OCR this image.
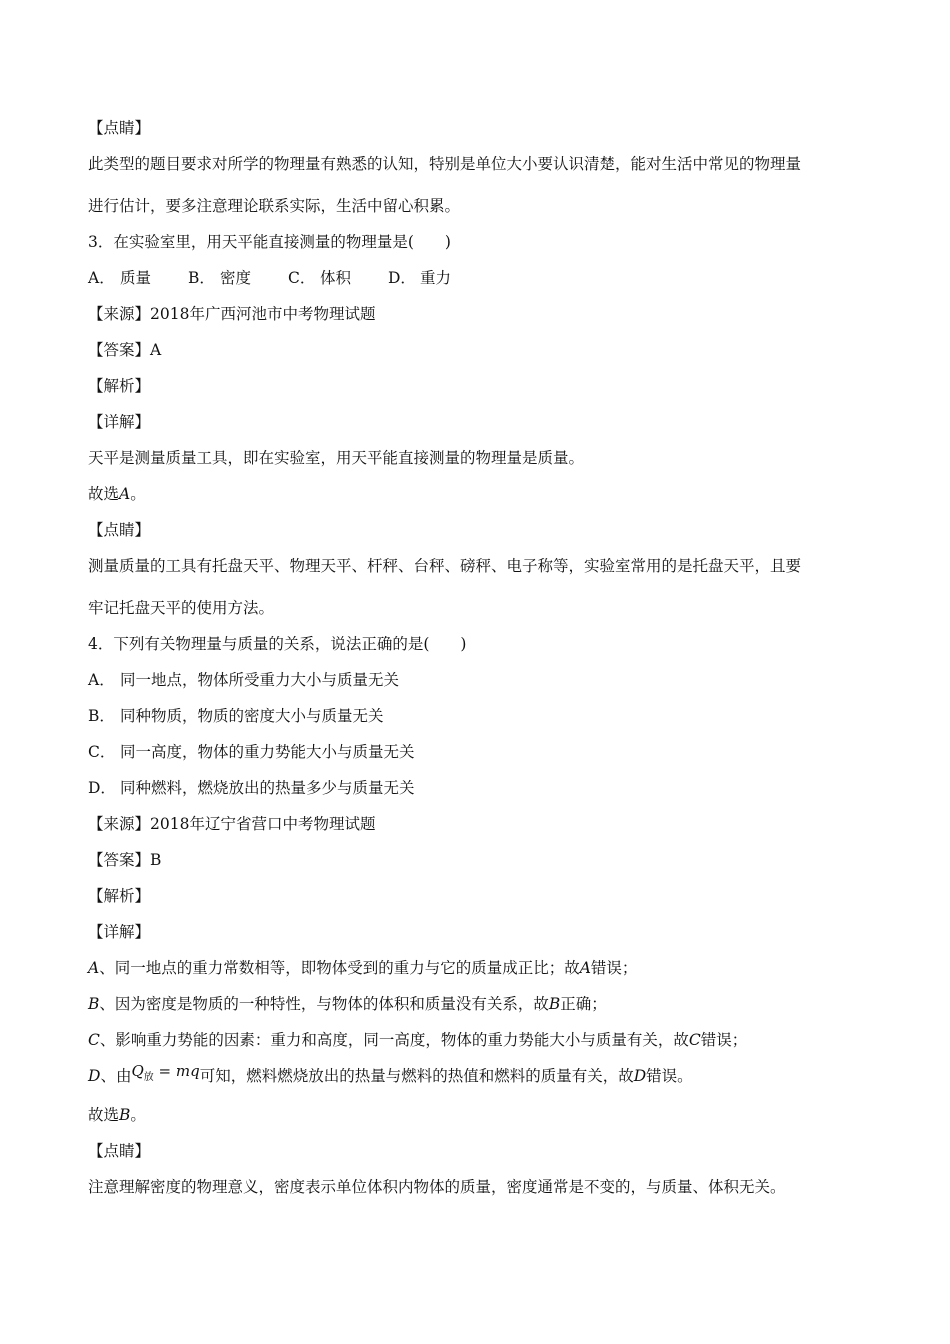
【点睛】

此类型的题目要求对所学的物理量有熟悉的认知，特别是单位大小要认识清楚，能对生活中常见的物理量

进行估计，要多注意理论联系实际，生活中留心积累。

3．在实验室里，用天平能直接测量的物理量是(　　)

A． 质量	B． 密度	C． 体积	D． 重力

【来源】2018年广西河池市中考物理试题

【答案】A

【解析】

【详解】

天平是测量质量工具，即在实验室，用天平能直接测量的物理量是质量。

故选A。

【点睛】

测量质量的工具有托盘天平、物理天平、杆秤、台秤、磅秤、电子称等，实验室常用的是托盘天平，且要

牢记托盘天平的使用方法。

4．下列有关物理量与质量的关系，说法正确的是(　　)

A． 同一地点，物体所受重力大小与质量无关

B． 同种物质，物质的密度大小与质量无关

C． 同一高度，物体的重力势能大小与质量无关

D． 同种燃料，燃烧放出的热量多少与质量无关

【来源】2018年辽宁省营口中考物理试题

【答案】B

【解析】

【详解】

A、同一地点的重力常数相等，即物体受到的重力与它的质量成正比；故A错误；

B、因为密度是物质的一种特性，与物体的体积和质量没有关系，故B正确；

C、影响重力势能的因素：重力和高度，同一高度，物体的重力势能大小与质量有关，故C错误；

D、由$Q_放$ = mq可知，燃料燃烧放出的热量与燃料的热值和燃料的质量有关，故D错误。

故选B。

【点睛】

注意理解密度的物理意义，密度表示单位体积内物体的质量，密度通常是不变的，与质量、体积无关。
